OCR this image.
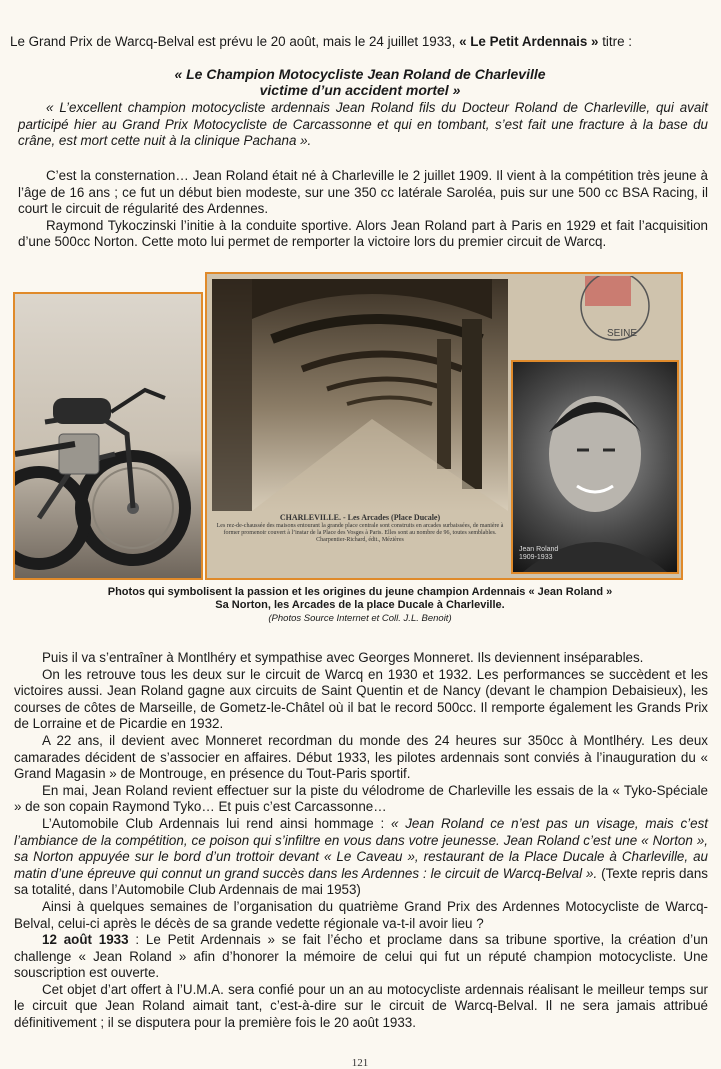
Le Grand Prix de Warcq-Belval est prévu le 20 août, mais le 24 juillet 1933, « Le Petit Ardennais » titre :

« Le Champion Motocycliste Jean Roland de Charleville
victime d’un accident mortel »

« L’excellent champion motocycliste ardennais Jean Roland fils du Docteur Roland de Charleville, qui avait participé hier au Grand Prix Motocycliste de Carcassonne et qui en tombant, s’est fait une fracture à la base du crâne, est mort cette nuit à la clinique Pachana ».

C’est la consternation… Jean Roland était né à Charleville le 2 juillet 1909. Il vient à la compétition très jeune à l’âge de 16 ans ; ce fut un début bien modeste, sur une 350 cc latérale Saroléa, puis sur une 500 cc BSA Racing, il court le circuit de régularité des Ardennes.
Raymond Tykoczinski l’initie à la conduite sportive. Alors Jean Roland part à Paris en 1929 et fait l’acquisition d’une 500cc Norton. Cette moto lui permet de remporter la victoire lors du premier circuit de Warcq.
CHARLEVILLE. - Les Arcades (Place Ducale)
Les rez-de-chaussée des maisons entourant la grande place centrale sont construits en arcades surbaissées, de manière à former promenoir couvert à l’instar de la Place des Vosges à Paris. Elles sont au nombre de 96, toutes semblables.
Charpentier-Richard, édit., Mézières
SEINE
Jean Roland
1909-1933
Photos qui symbolisent la passion et les origines du jeune champion Ardennais « Jean Roland »
Sa Norton, les Arcades de la place Ducale à Charleville.
(Photos Source Internet et Coll. J.L. Benoit)
Puis il va s’entraîner à Montlhéry et sympathise avec Georges Monneret. Ils deviennent inséparables.
On les retrouve tous les deux sur le circuit de Warcq en 1930 et 1932. Les performances se succèdent et les victoires aussi. Jean Roland gagne aux circuits de Saint Quentin et de Nancy (devant le champion Debaisieux), les courses de côtes de Marseille, de Gometz-le-Châtel où il bat le record 500cc. Il remporte également les Grands Prix de Lorraine et de Picardie en 1932.
A 22 ans, il devient avec Monneret recordman du monde des 24 heures sur 350cc à Montlhéry. Les deux camarades décident de s’associer en affaires. Début 1933, les pilotes ardennais sont conviés à l’inauguration du « Grand Magasin » de Montrouge, en présence du Tout-Paris sportif.
En mai, Jean Roland revient effectuer sur la piste du vélodrome de Charleville les essais de la « Tyko-Spéciale » de son copain Raymond Tyko… Et puis c’est Carcassonne…
L’Automobile Club Ardennais lui rend ainsi hommage : « Jean Roland ce n’est pas un visage, mais c’est l’ambiance de la compétition, ce poison qui s’infiltre en vous dans votre jeunesse. Jean Roland c’est une « Norton », sa Norton appuyée sur le bord d’un trottoir devant « Le Caveau », restaurant de la Place Ducale à Charleville, au matin d’une épreuve qui connut un grand succès dans les Ardennes : le circuit de Warcq-Belval ». (Texte repris dans sa totalité, dans l’Automobile Club Ardennais de mai 1953)
Ainsi à quelques semaines de l’organisation du quatrième Grand Prix des Ardennes Motocycliste de Warcq-Belval, celui-ci après le décès de sa grande vedette régionale va-t-il avoir lieu ?
12 août 1933 : Le Petit Ardennais » se fait l’écho et proclame dans sa tribune sportive, la création d’un challenge « Jean Roland » afin d’honorer la mémoire de celui qui fut un réputé champion motocycliste. Une souscription est ouverte.
Cet objet d’art offert à l’U.M.A. sera confié pour un an au motocycliste ardennais réalisant le meilleur temps sur le circuit que Jean Roland aimait tant, c’est-à-dire sur le circuit de Warcq-Belval. Il ne sera jamais attribué définitivement ; il se disputera pour la première fois le 20 août 1933.
121
